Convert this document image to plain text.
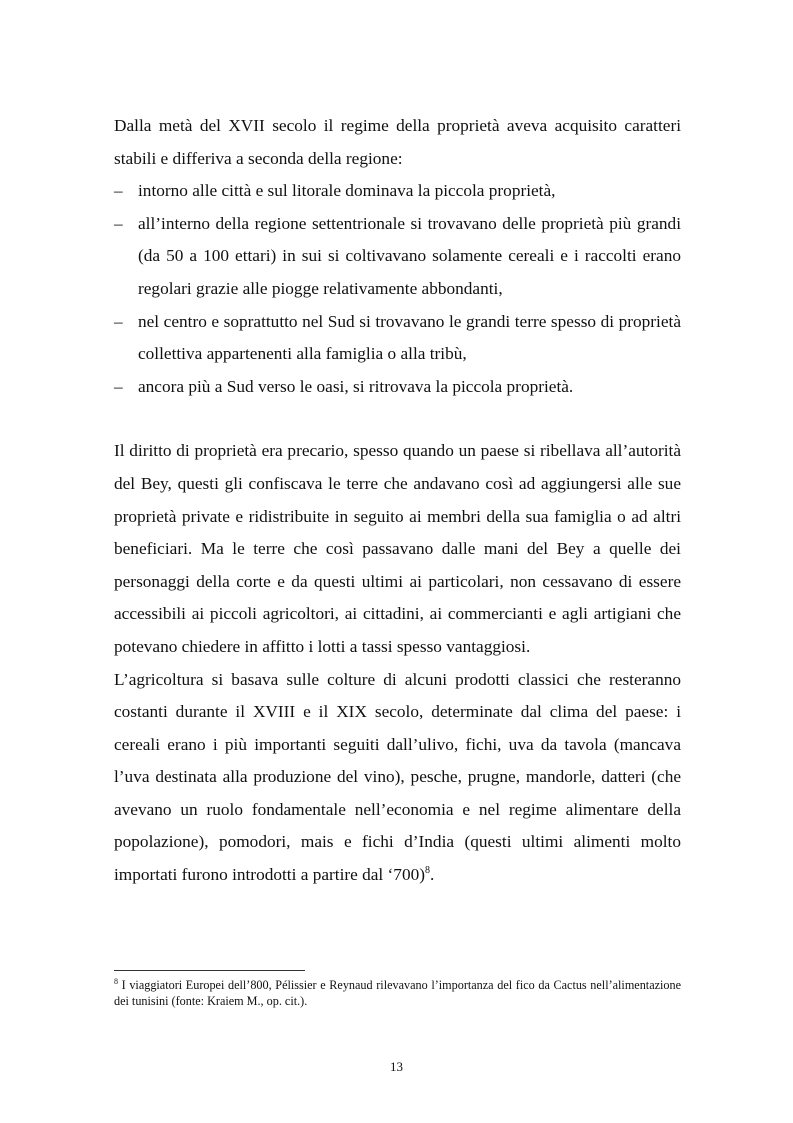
Dalla metà del XVII secolo il regime della proprietà aveva acquisito caratteri stabili e differiva a seconda della regione:

– intorno alle città e sul litorale dominava la piccola proprietà,
– all’interno della regione settentrionale si trovavano delle proprietà più grandi (da 50 a 100 ettari) in sui si coltivavano solamente cereali e i raccolti erano regolari grazie alle piogge relativamente abbondanti,
– nel centro e soprattutto nel Sud si trovavano le grandi terre spesso di proprietà collettiva appartenenti alla famiglia o alla tribù,
– ancora più a Sud verso le oasi, si ritrovava la piccola proprietà.

Il diritto di proprietà era precario, spesso quando un paese si ribellava all’autorità del Bey, questi gli confiscava le terre che andavano così ad aggiungersi alle sue proprietà private e ridistribuite in seguito ai membri della sua famiglia o ad altri beneficiari. Ma le terre che così passavano dalle mani del Bey a quelle dei personaggi della corte e da questi ultimi ai particolari, non cessavano di essere accessibili ai piccoli agricoltori, ai cittadini, ai commercianti e agli artigiani che potevano chiedere in affitto i lotti a tassi spesso vantaggiosi.

L’agricoltura si basava sulle colture di alcuni prodotti classici che resteranno costanti durante il XVIII e il XIX secolo, determinate dal clima del paese: i cereali erano i più importanti seguiti dall’ulivo, fichi, uva da tavola (mancava l’uva destinata alla produzione del vino), pesche, prugne, mandorle, datteri (che avevano un ruolo fondamentale nell’economia e nel regime alimentare della popolazione), pomodori, mais e fichi d’India (questi ultimi alimenti molto importati furono introdotti a partire dal ‘700)$^8$.

$^8$ I viaggiatori Europei dell’800, Pélissier e Reynaud rilevavano l’importanza del fico da Cactus nell’alimentazione dei tunisini (fonte: Kraiem M., op. cit.).

13
